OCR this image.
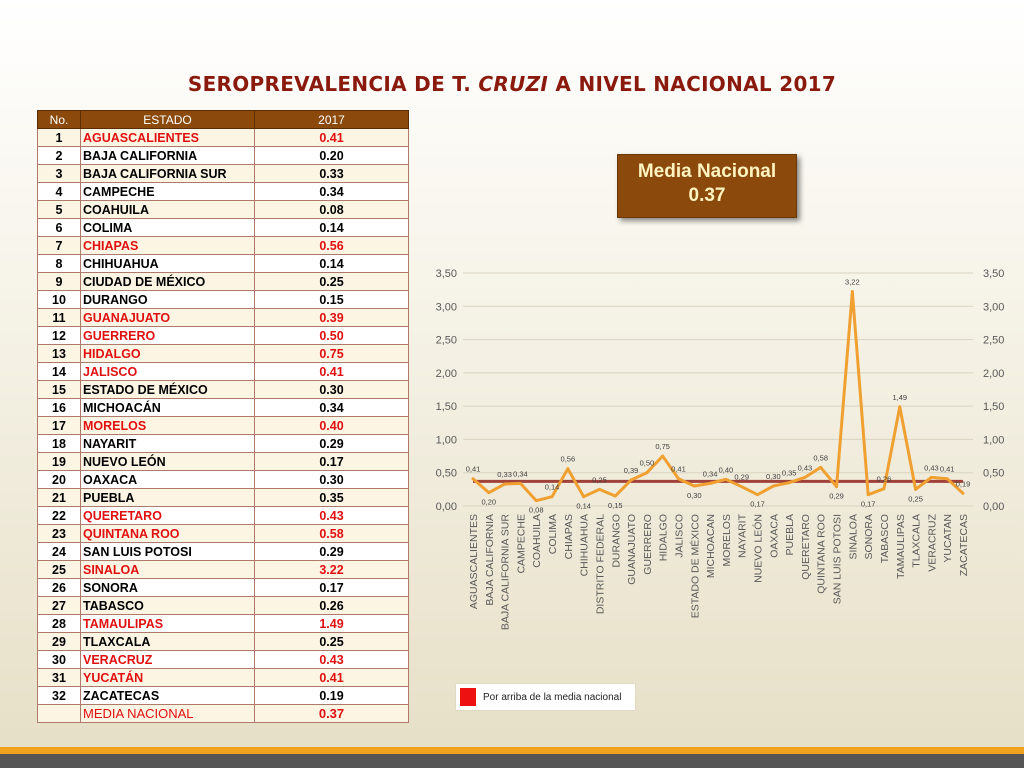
SEROPREVALENCIA DE T. CRUZI A NIVEL NACIONAL 2017
No.	ESTADO	2017
1	AGUASCALIENTES	0.41
2	BAJA CALIFORNIA	0.20
3	BAJA CALIFORNIA SUR	0.33
4	CAMPECHE	0.34
5	COAHUILA	0.08
6	COLIMA	0.14
7	CHIAPAS	0.56
8	CHIHUAHUA	0.14
9	CIUDAD DE MÉXICO	0.25
10	DURANGO	0.15
11	GUANAJUATO	0.39
12	GUERRERO	0.50
13	HIDALGO	0.75
14	JALISCO	0.41
15	ESTADO DE MÉXICO	0.30
16	MICHOACÁN	0.34
17	MORELOS	0.40
18	NAYARIT	0.29
19	NUEVO LEÓN	0.17
20	OAXACA	0.30
21	PUEBLA	0.35
22	QUERETARO	0.43
23	QUINTANA ROO	0.58
24	SAN LUIS POTOSI	0.29
25	SINALOA	3.22
26	SONORA	0.17
27	TABASCO	0.26
28	TAMAULIPAS	1.49
29	TLAXCALA	0.25
30	VERACRUZ	0.43
31	YUCATÁN	0.41
32	ZACATECAS	0.19
	MEDIA NACIONAL	0.37
Media Nacional
0.37
0,00	0,00
0,50	0,50
1,00	1,00
1,50	1,50
2,00	2,00
2,50	2,50
3,00	3,00
3,50	3,50
0,41
0,20
0,33 0,34
0,08
0,14
0,56
0,14
0,25
0,15
0,39
0,50
0,75
0,41
0,30
0,34 0,40
0,29
0,17
0,30 0,35
0,43
0,58
0,29
3,22
0,17
0,26
1,49
0,25
0,43 0,41
0,19
AGUASCALIENTES BAJA CALIFORNIA BAJA CALIFORNIA SUR CAMPECHE COAHUILA COLIMA CHIAPAS CHIHUAHUA DISTRITO FEDERAL DURANGO GUANAJUATO GUERRERO HIDALGO JALISCO ESTADO DE MÉXICO MICHOACAN MORELOS NAYARIT NUEVO LEÓN OAXACA PUEBLA QUERETARO QUINTANA ROO SAN LUIS POTOSI SINALOA SONORA TABASCO TAMAULIPAS TLAXCALA VERACRUZ YUCATAN ZACATECAS
Por arriba de la media nacional
